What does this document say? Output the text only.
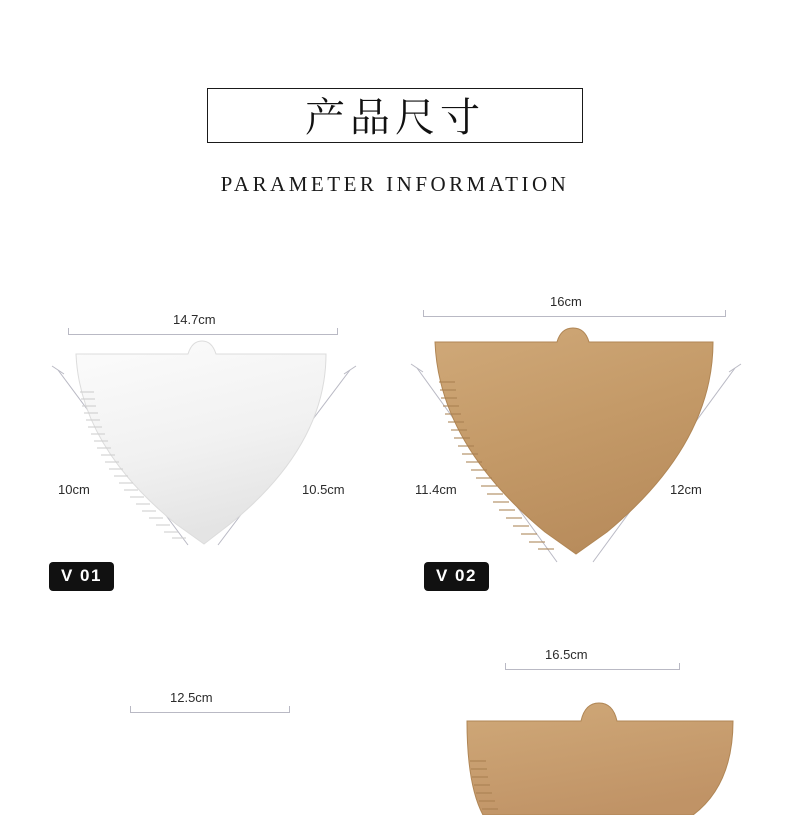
产品尺寸
PARAMETER INFORMATION
14.7cm
10cm	10.5cm
V 01
16cm
11.4cm	12cm
V 02
12.5cm
16.5cm
